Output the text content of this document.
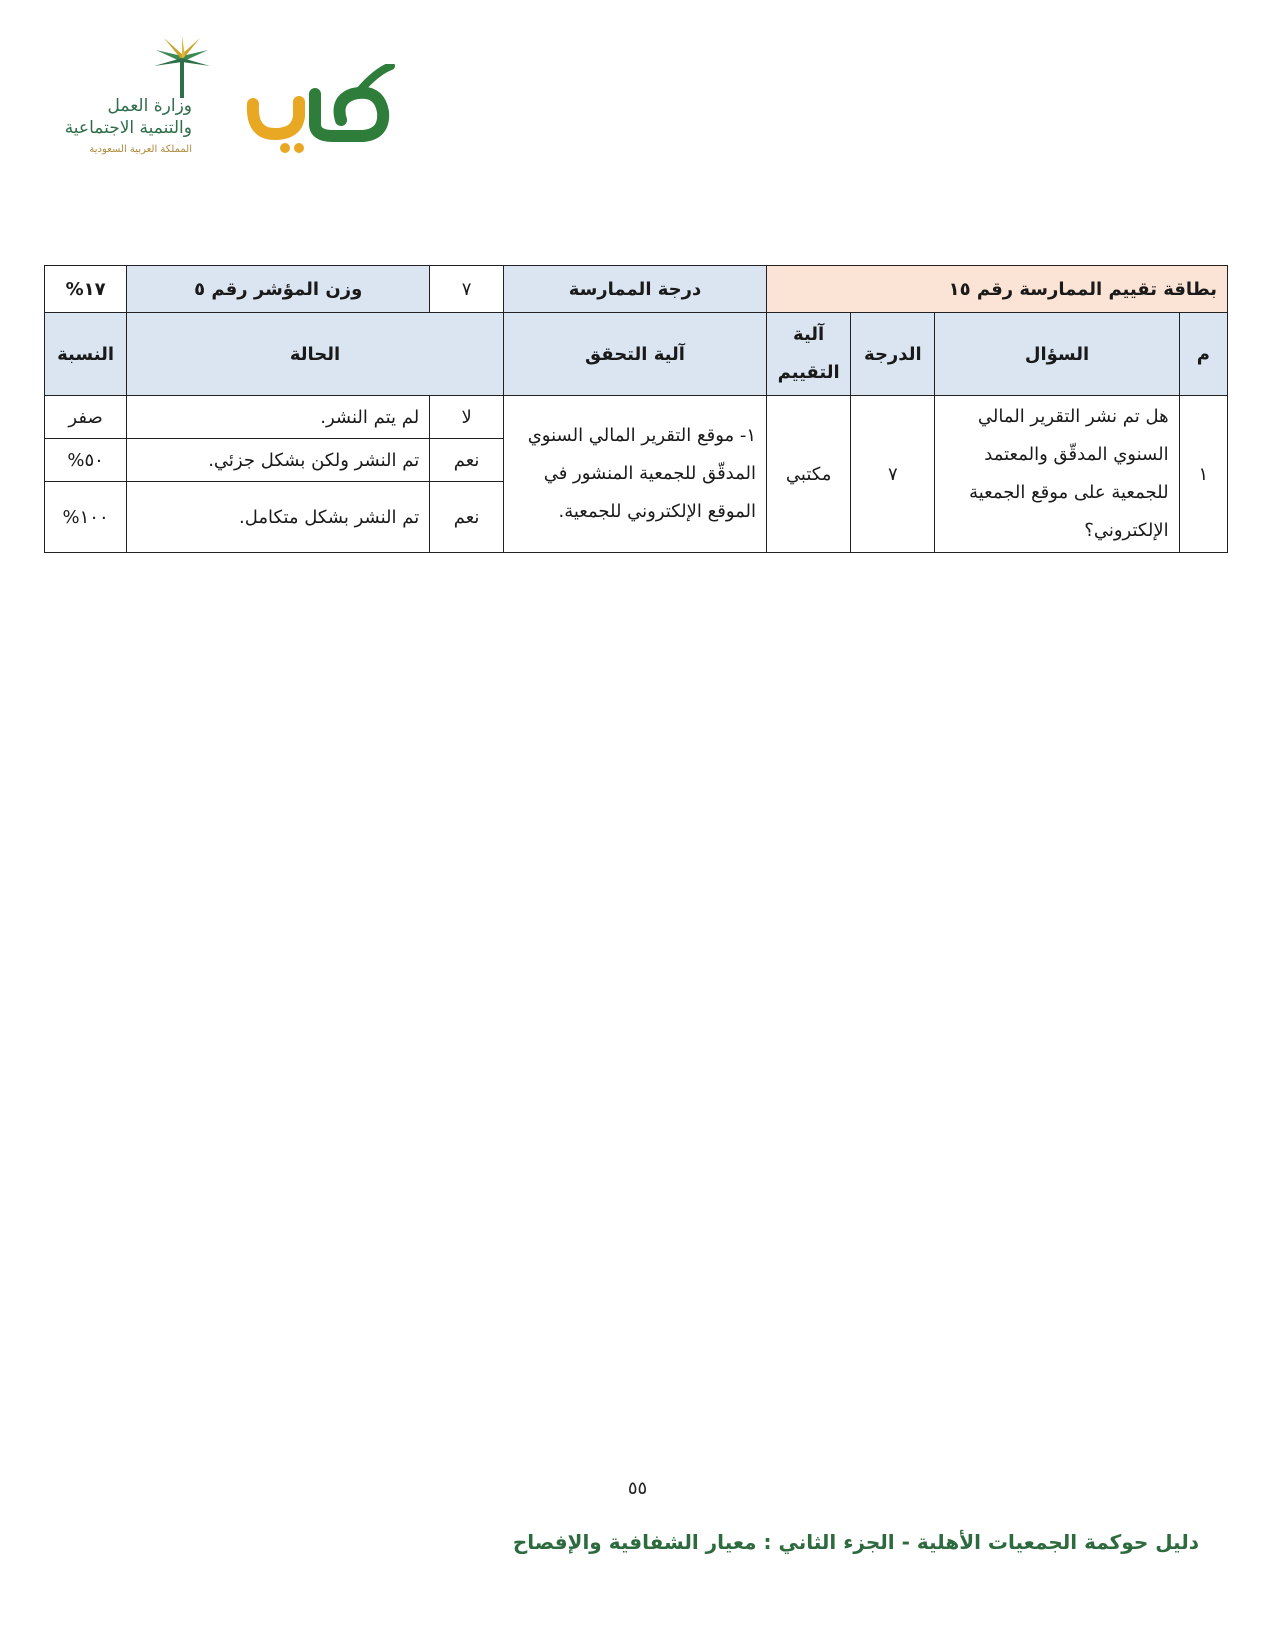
وزارة العمل
والتنمية الاجتماعية
المملكة العربية السعودية
بطاقة تقييم الممارسة رقم ١٥				درجة الممارسة	٧	وزن المؤشر رقم ٥	١٧%
م	السؤال	الدرجة	آلية التقييم	آلية التحقق	الحالة		النسبة
١	هل تم نشر التقرير المالي السنوي المدقّق والمعتمد للجمعية على موقع الجمعية الإلكتروني؟	٧	مكتبي	١- موقع التقرير المالي السنوي المدقّق للجمعية المنشور في الموقع الإلكتروني للجمعية.	لا	لم يتم النشر.	صفر
					نعم	تم النشر ولكن بشكل جزئي.	٥٠%
					نعم	تم النشر بشكل متكامل.	١٠٠%
٥٥
دليل حوكمة الجمعيات الأهلية - الجزء الثاني : معيار الشفافية والإفصاح
